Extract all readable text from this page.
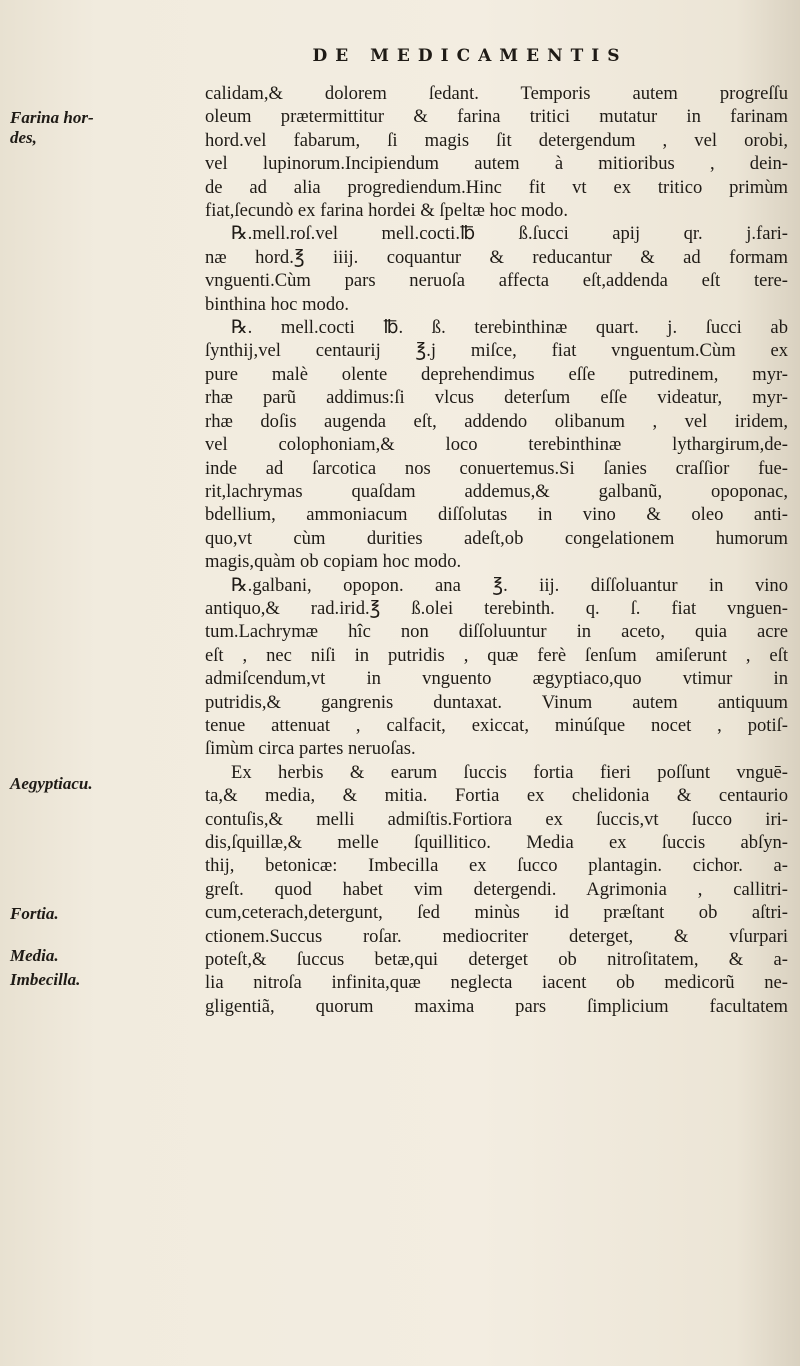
DE MEDICAMENTIS
Farina hor-
des,
Aegyptiacu.
Fortia.
Media.
Imbecilla.
calidam,& dolorem ſedant. Temporis autem progreſſu
oleum prætermittitur & farina tritici mutatur in farinam
hord.vel fabarum, ſi magis ſit detergendum , vel orobi,
vel lupinorum.Incipiendum autem à mitioribus , dein-
de ad alia progrediendum.Hinc fit vt ex tritico primùm
fiat,ſecundò ex farina hordei & ſpeltæ hoc modo.
℞.mell.roſ.vel mell.cocti.℔ ß.ſucci apij qr. j.fari-
næ hord.℥ iiij. coquantur & reducantur & ad formam
vnguenti.Cùm pars neruoſa affecta eſt,addenda eſt tere-
binthina hoc modo.
℞. mell.cocti ℔. ß. terebinthinæ quart. j. ſucci ab
ſynthij,vel centaurij ℥.j miſce, fiat vnguentum.Cùm ex
pure malè olente deprehendimus eſſe putredinem, myr-
rhæ parũ addimus:ſi vlcus deterſum eſſe videatur, myr-
rhæ doſis augenda eſt, addendo olibanum , vel iridem,
vel colophoniam,& loco terebinthinæ lythargirum,de-
inde ad ſarcotica nos conuertemus.Si ſanies craſſior fue-
rit,lachrymas quaſdam addemus,& galbanũ, opoponac,
bdellium, ammoniacum diſſolutas in vino & oleo anti-
quo,vt cùm durities adeſt,ob congelationem humorum
magis,quàm ob copiam hoc modo.
℞.galbani, opopon. ana ℥. iij. diſſoluantur in vino
antiquo,& rad.irid.℥ ß.olei terebinth. q. ſ. fiat vnguen-
tum.Lachrymæ hîc non diſſoluuntur in aceto, quia acre
eſt , nec niſi in putridis , quæ ferè ſenſum amiſerunt , eſt
admiſcendum,vt in vnguento ægyptiaco,quo vtimur in
putridis,& gangrenis duntaxat. Vinum autem antiquum
tenue attenuat , calfacit, exiccat, minúſque nocet , potiſ-
ſimùm circa partes neruoſas.
Ex herbis & earum ſuccis fortia fieri poſſunt vnguē-
ta,& media, & mitia. Fortia ex chelidonia & centaurio
contuſis,& melli admiſtis.Fortiora ex ſuccis,vt ſucco iri-
dis,ſquillæ,& melle ſquillitico. Media ex ſuccis abſyn-
thij, betonicæ: Imbecilla ex ſucco plantagin. cichor. a-
greſt. quod habet vim detergendi. Agrimonia , callitri-
cum,ceterach,detergunt, ſed minùs id præſtant ob aſtri-
ctionem.Succus roſar. mediocriter deterget, & vſurpari
poteſt,& ſuccus betæ,qui deterget ob nitroſitatem, & a-
lia nitroſa infinita,quæ neglecta iacent ob medicorũ ne-
gligentiã, quorum maxima pars ſimplicium facultatem
